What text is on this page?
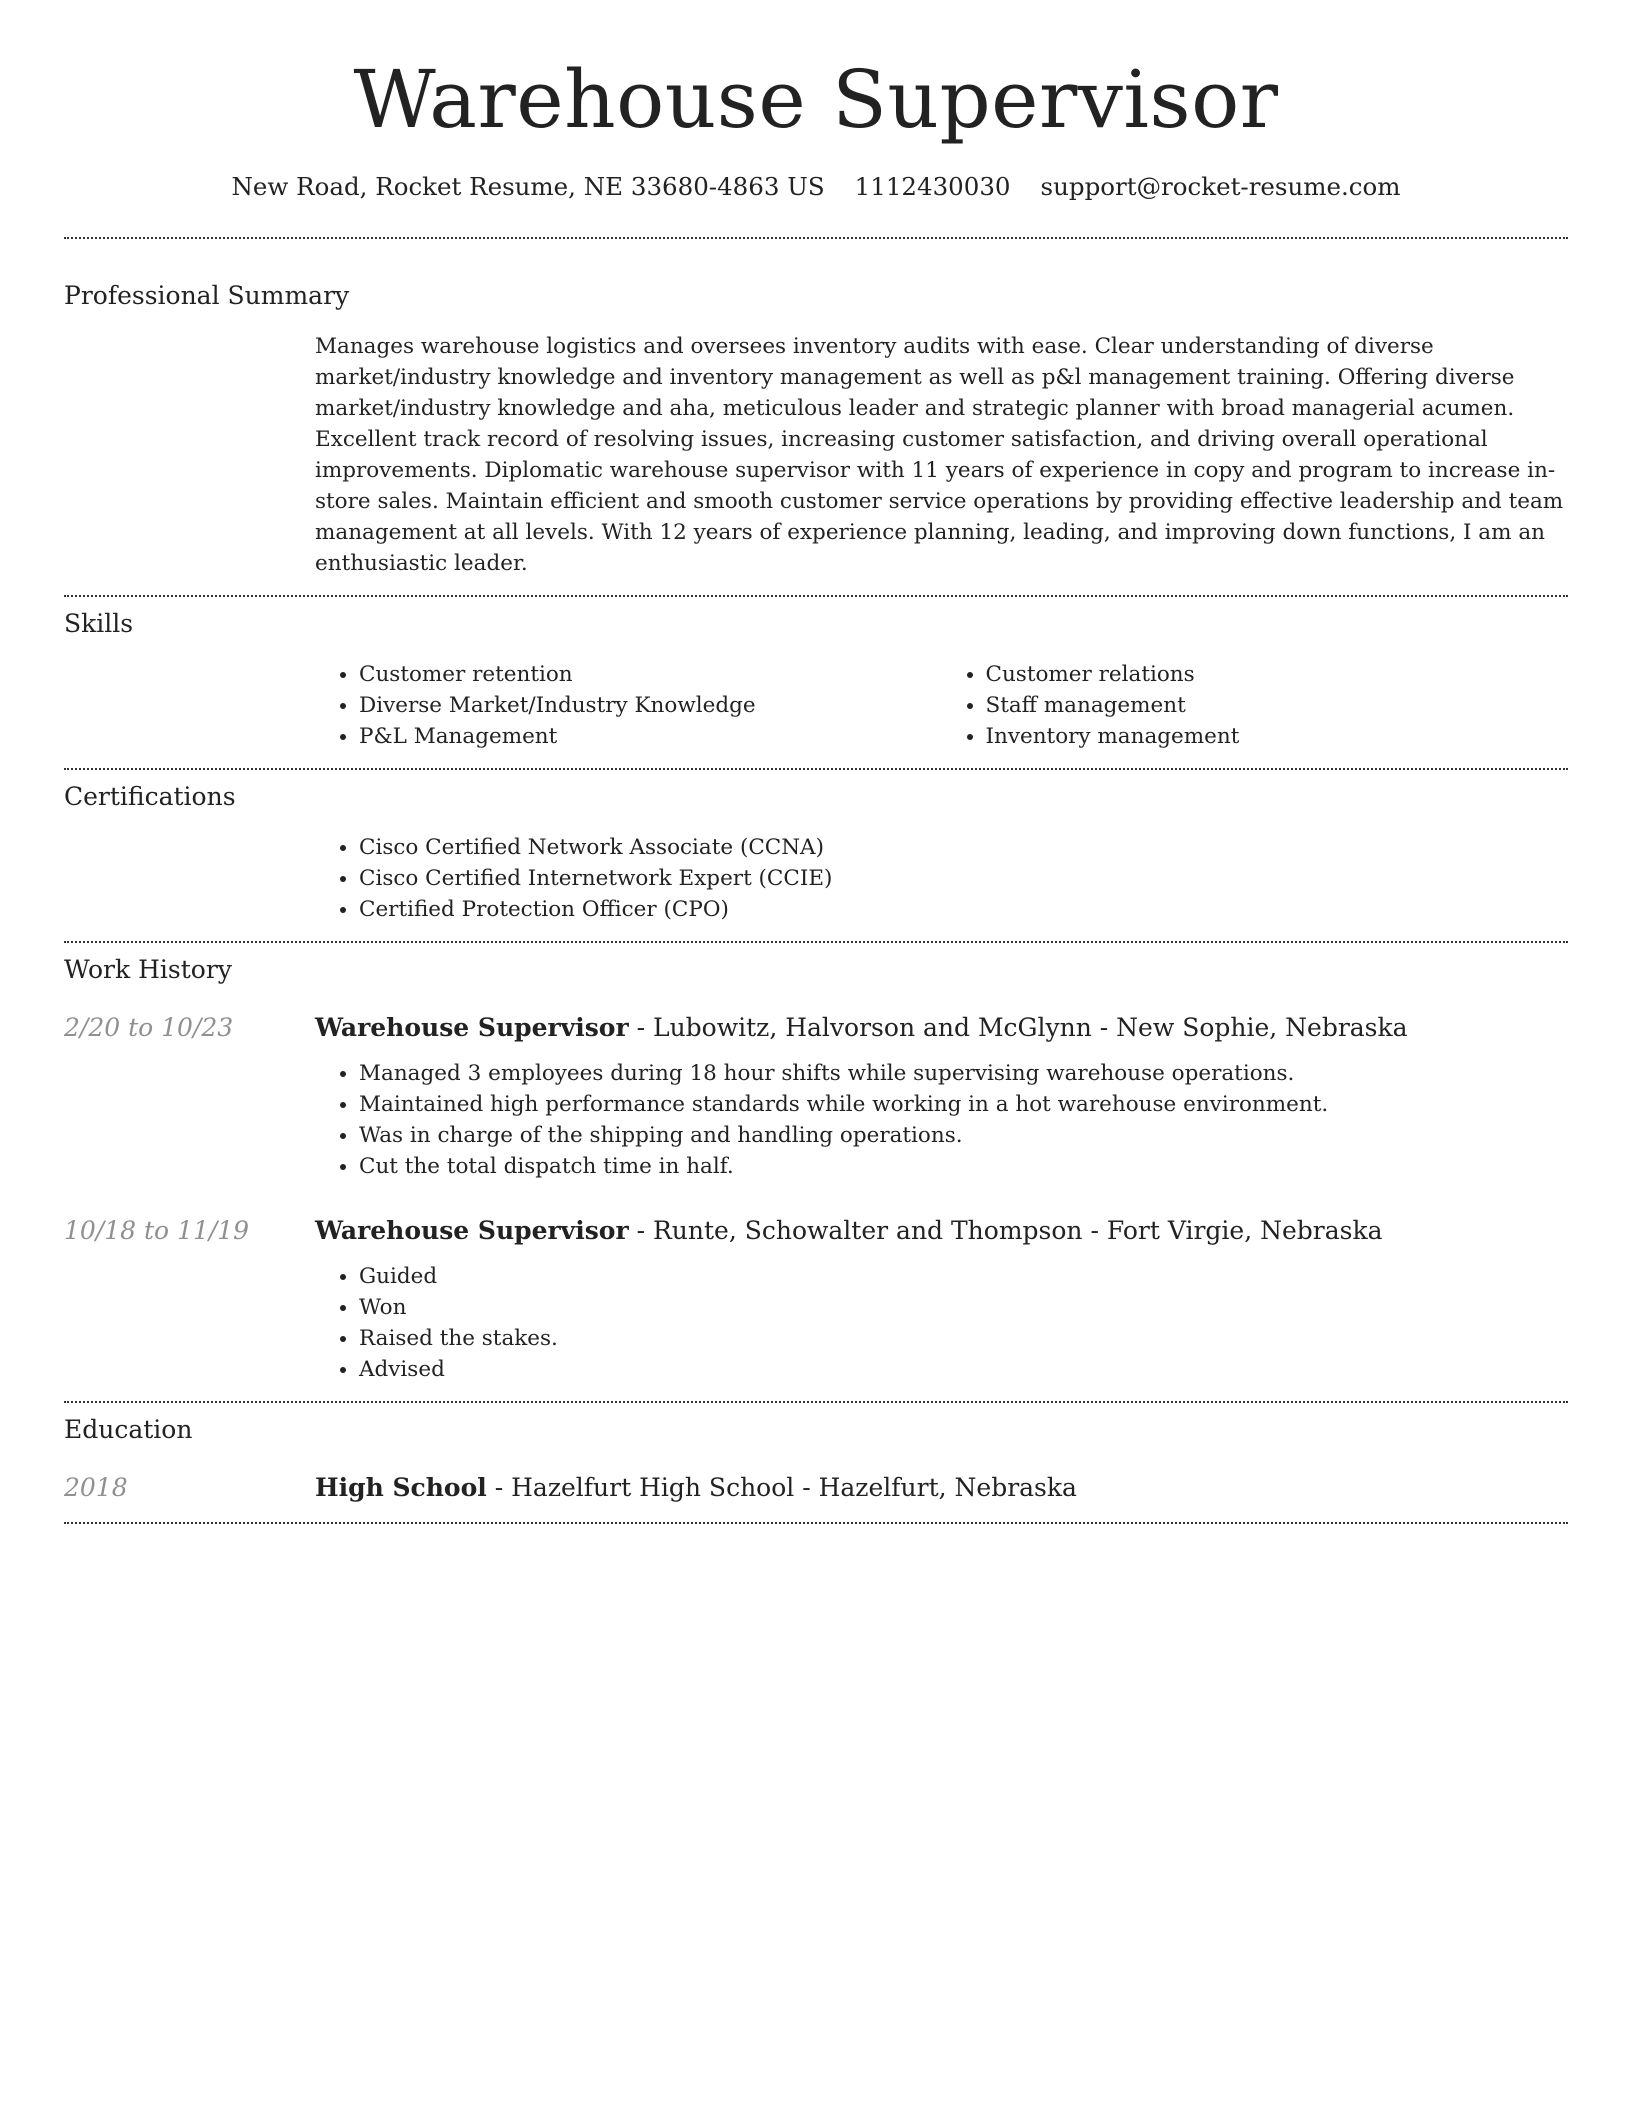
Warehouse Supervisor
New Road, Rocket Resume, NE 33680-4863 US 1112430030 support@rocket-resume.com
Professional Summary

Manages warehouse logistics and oversees inventory audits with ease. Clear understanding of diverse market/industry knowledge and inventory management as well as p&l management training. Offering diverse market/industry knowledge and aha, meticulous leader and strategic planner with broad managerial acumen. Excellent track record of resolving issues, increasing customer satisfaction, and driving overall operational improvements. Diplomatic warehouse supervisor with 11 years of experience in copy and program to increase in-store sales. Maintain efficient and smooth customer service operations by providing effective leadership and team management at all levels. With 12 years of experience planning, leading, and improving down functions, I am an enthusiastic leader.

Skills
• Customer retention
• Diverse Market/Industry Knowledge
• P&L Management
• Customer relations
• Staff management
• Inventory management
Certifications
• Cisco Certified Network Associate (CCNA)
• Cisco Certified Internetwork Expert (CCIE)
• Certified Protection Officer (CPO)
Work History
2/20 to 10/23	Warehouse Supervisor - Lubowitz, Halvorson and McGlynn - New Sophie, Nebraska
• Managed 3 employees during 18 hour shifts while supervising warehouse operations.
• Maintained high performance standards while working in a hot warehouse environment.
• Was in charge of the shipping and handling operations.
• Cut the total dispatch time in half.
10/18 to 11/19	Warehouse Supervisor - Runte, Schowalter and Thompson - Fort Virgie, Nebraska
• Guided
• Won
• Raised the stakes.
• Advised
Education
2018	High School - Hazelfurt High School - Hazelfurt, Nebraska
